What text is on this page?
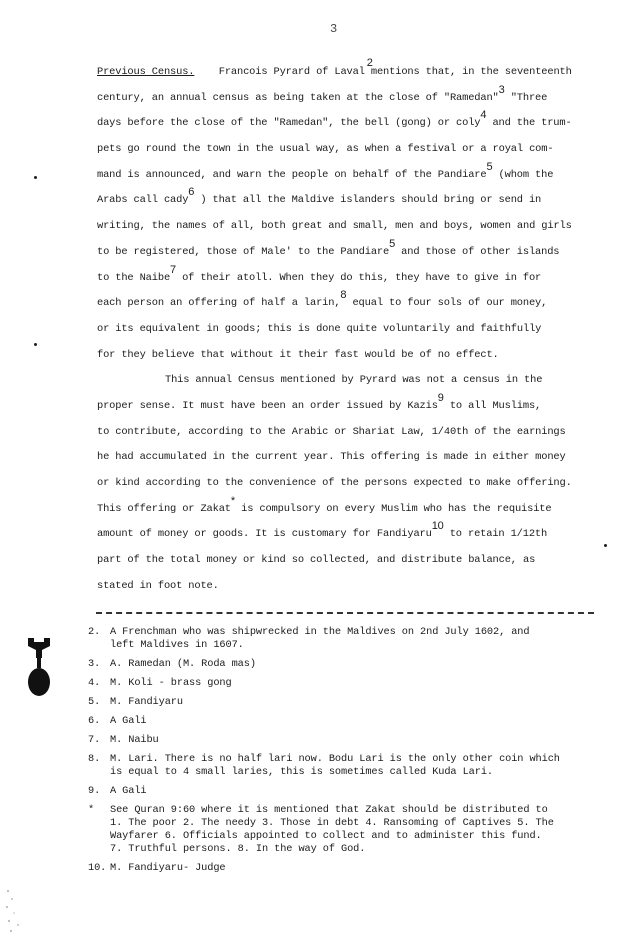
3
Previous Census.
2
Francois Pyrard of Laval mentions that, in the seventeenth
century, an annual census as being taken at the close of "Ramedan"3 "Three
days before the close of the "Ramedan", the bell (gong) or coly4 and the trum-
pets go round the town in the usual way, as when a festival or a royal com-
mand is announced, and warn the people on behalf of the Pandiare5 (whom the
Arabs call cady6 ) that all the Maldive islanders should bring or send in
writing, the names of all, both great and small, men and boys, women and girls
to be registered, those of Male' to the Pandiare5 and those of other islands
to the Naibe7 of their atoll. When they do this, they have to give in for
each person an offering of half a larin,8 equal to four sols of our money,
or its equivalent in goods; this is done quite voluntarily and faithfully
for they believe that without it their fast would be of no effect.
This annual Census mentioned by Pyrard was not a census in the
proper sense. It must have been an order issued by Kazis9 to all Muslims,
to contribute, according to the Arabic or Shariat Law, 1/40th of the earnings
he had accumulated in the current year. This offering is made in either money
or kind according to the convenience of the persons expected to make offering.
This offering or Zakat* is compulsory on every Muslim who has the requisite
amount of money or goods. It is customary for Fandiyaru10 to retain 1/12th
part of the total money or kind so collected, and distribute balance, as
stated in foot note.
2. A Frenchman who was shipwrecked in the Maldives on 2nd July 1602, and
left Maldives in 1607.
3. A. Ramedan (M. Roda mas)
4. M. Koli - brass gong
5. M. Fandiyaru
6. A Gali
7. M. Naibu
8. M. Lari. There is no half lari now. Bodu Lari is the only other coin which
is equal to 4 small laries, this is sometimes called Kuda Lari.
9. A Gali
*	See Quran 9:60 where it is mentioned that Zakat should be distributed to
1. The poor 2. The needy 3. Those in debt 4. Ransoming of Captives 5. The
Wayfarer 6. Officials appointed to collect and to administer this fund.
7. Truthful persons. 8. In the way of God.
10. M. Fandiyaru- Judge
